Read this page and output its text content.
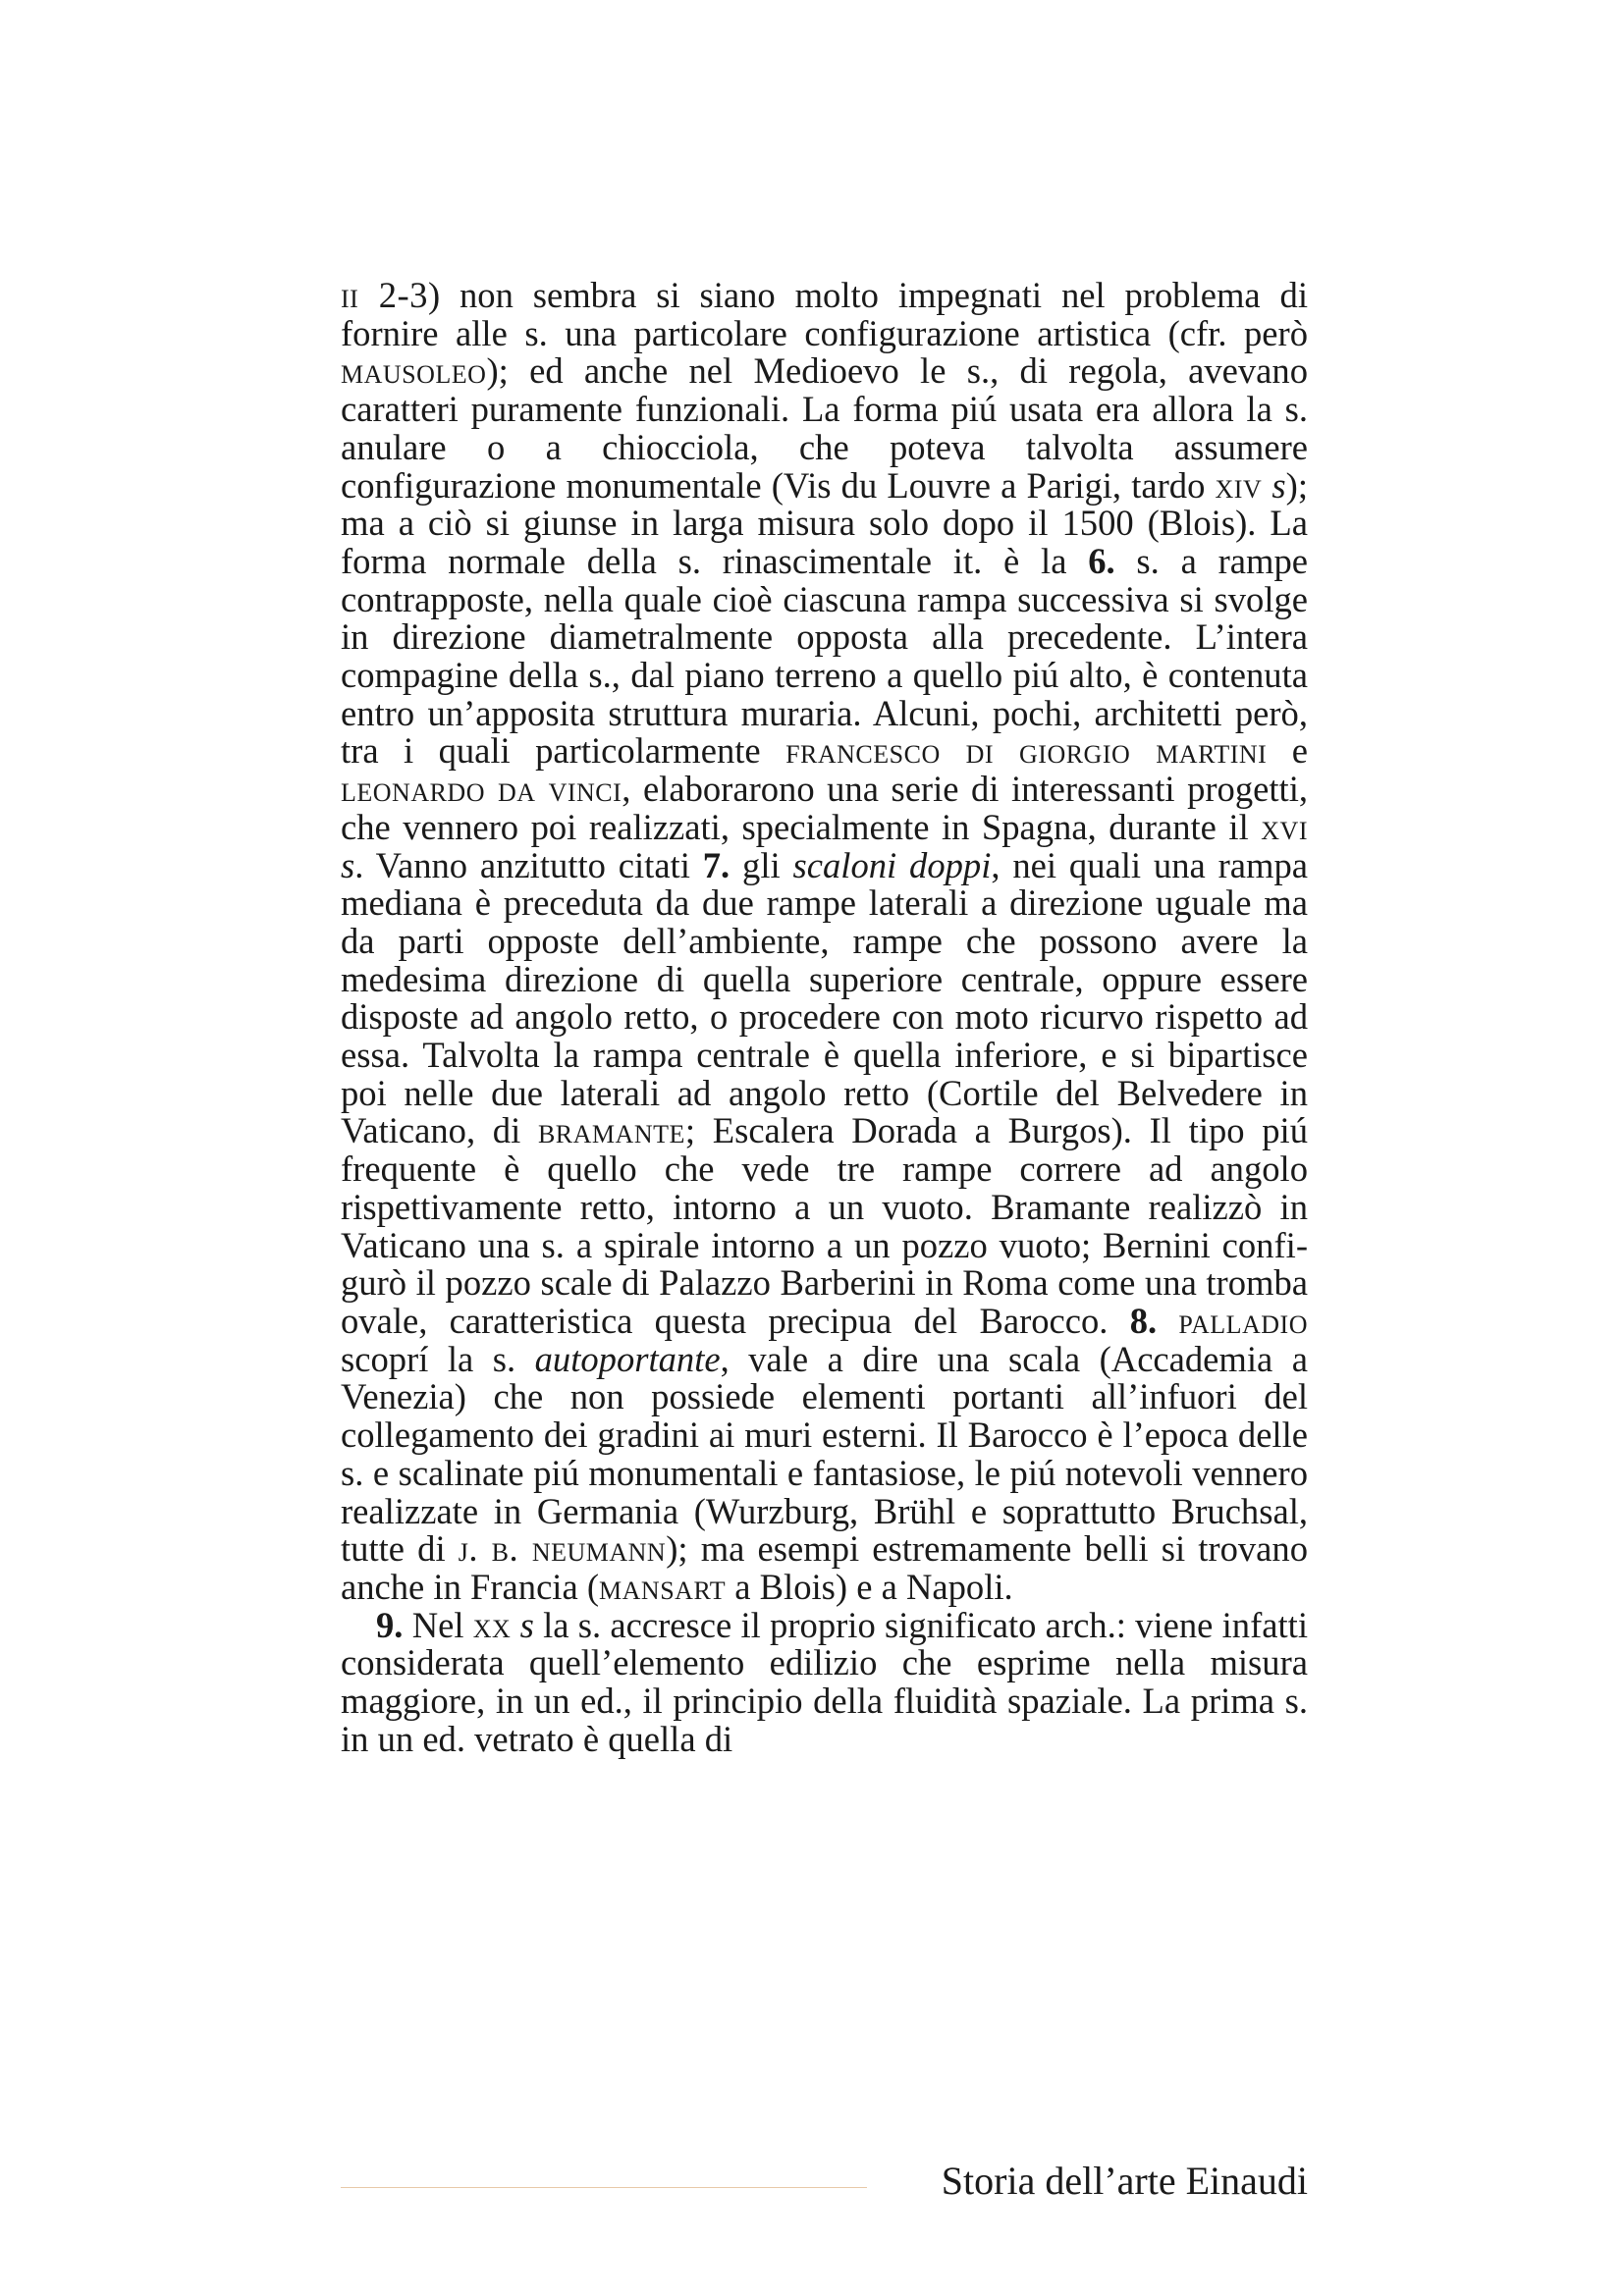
ii 2-3) non sembra si siano molto impegnati nel problema di fornire alle s. una particolare configurazione artistica (cfr. però mausoleo); ed anche nel Medioevo le s., di regola, avevano caratteri puramente funzionali. La forma piú usata era allora la s. anulare o a chiocciola, che poteva talvolta assumere configurazione monumentale (Vis du Louvre a Parigi, tardo xiv s); ma a ciò si giunse in larga misura solo dopo il 1500 (Blois). La forma normale della s. rinascimentale it. è la 6. s. a rampe contrapposte, nella quale cioè ciascuna rampa successiva si svolge in direzione diametralmente opposta alla precedente. L’intera compagine della s., dal piano terreno a quello piú alto, è contenuta entro un’apposita struttura muraria. Alcuni, pochi, architetti però, tra i quali particolarmente francesco di giorgio martini e leonardo da vinci, elaborarono una serie di interessanti progetti, che vennero poi realizzati, specialmente in Spagna, durante il xvi s. Vanno anzitutto citati 7. gli scaloni doppi, nei quali una rampa mediana è preceduta da due rampe laterali a direzione uguale ma da parti opposte dell’ambiente, rampe che possono avere la medesima direzione di quella superiore centrale, oppure essere disposte ad angolo retto, o procedere con moto ricurvo rispetto ad essa. Talvolta la rampa centrale è quella inferiore, e si bipartisce poi nelle due laterali ad angolo retto (Cortile del Belvedere in Vaticano, di bramante; Escalera Dorada a Burgos). Il tipo piú frequente è quello che vede tre rampe correre ad angolo rispettivamente retto, intorno a un vuoto. Bramante realizzò in Vaticano una s. a spirale intorno a un pozzo vuoto; Bernini configurò il pozzo scale di Palazzo Barberini in Roma come una tromba ovale, caratteristica questa precipua del Barocco. 8. palladio scoprí la s. autoportante, vale a dire una scala (Accademia a Venezia) che non possiede elementi portanti all’infuori del collegamento dei gradini ai muri esterni. Il Barocco è l’epoca delle s. e scalinate piú monumentali e fantasiose, le piú notevoli vennero realizzate in Germania (Wurzburg, Brühl e soprattutto Bruchsal, tutte di j. b. neumann); ma esempi estremamente belli si trovano anche in Francia (mansart a Blois) e a Napoli.

9. Nel xx s la s. accresce il proprio significato arch.: viene infatti considerata quell’elemento edilizio che esprime nella misura maggiore, in un ed., il principio della fluidità spaziale. La prima s. in un ed. vetrato è quella di

Storia dell’arte Einaudi
